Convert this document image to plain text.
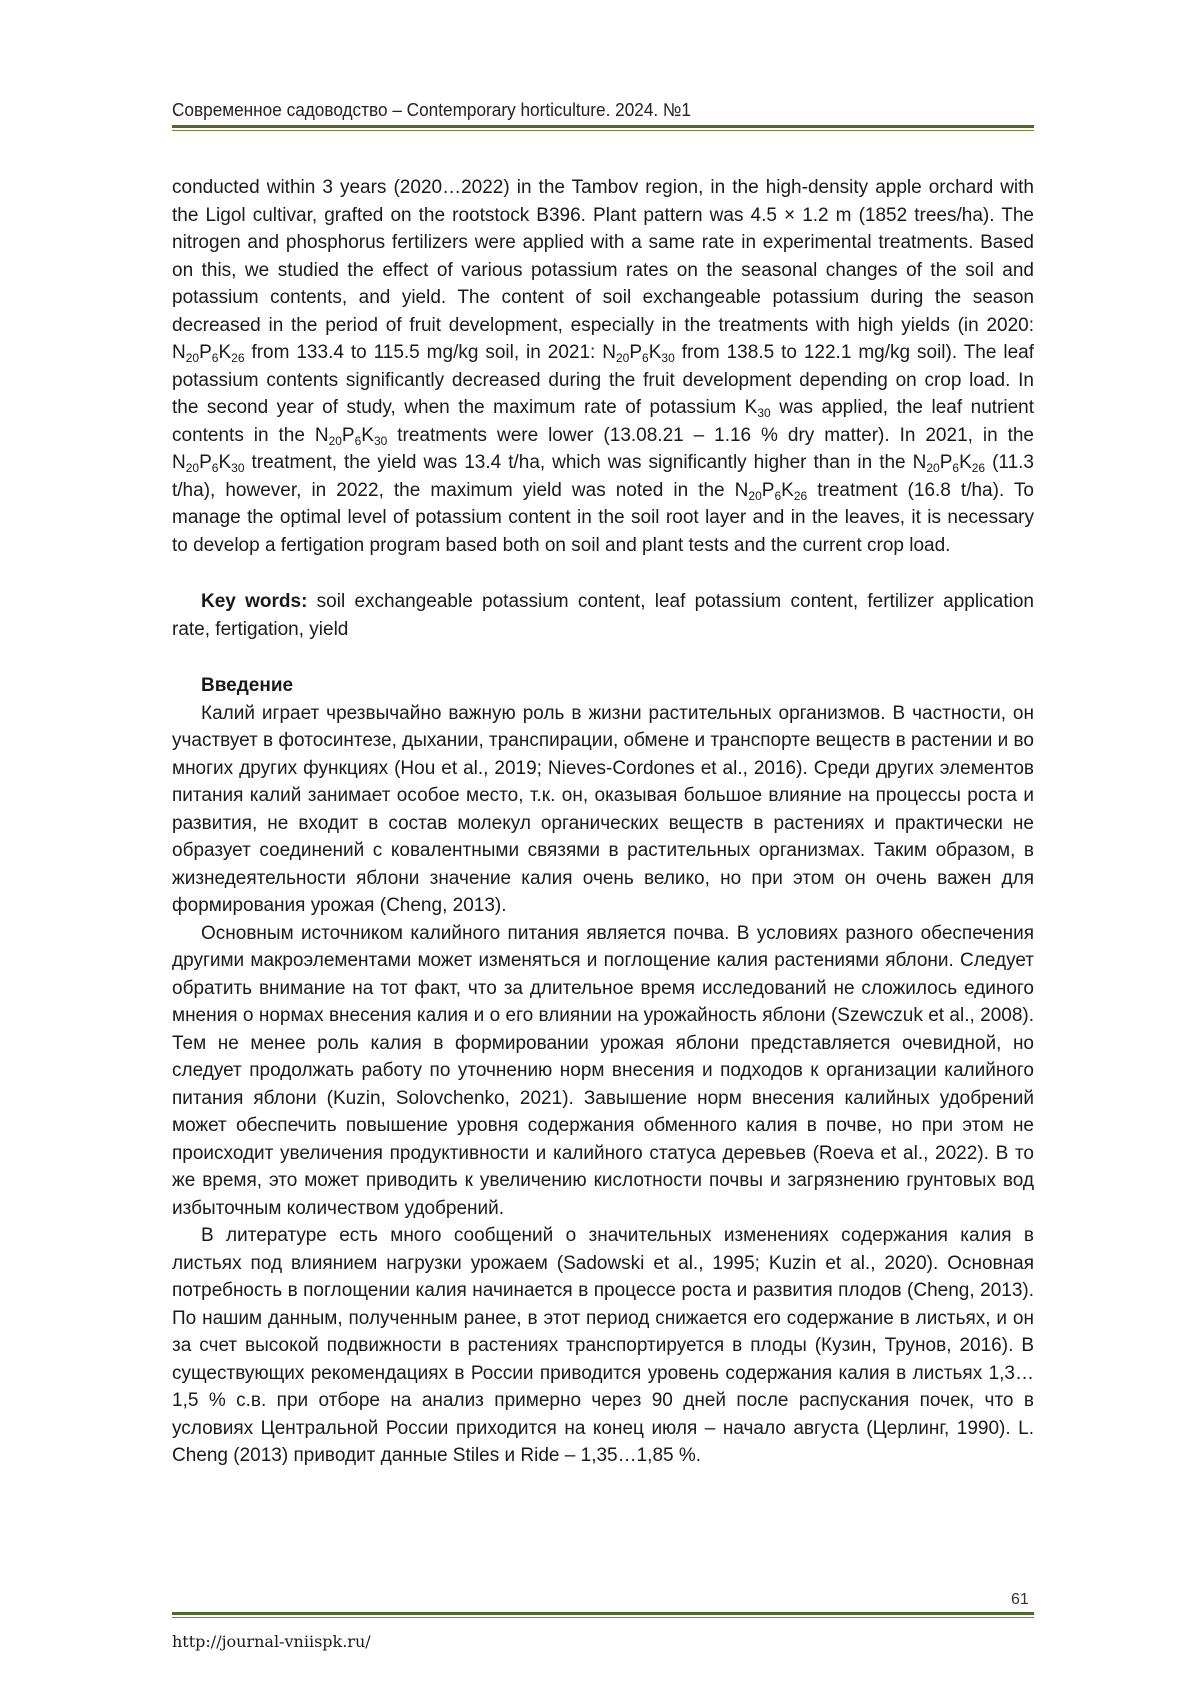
Современное садоводство – Contemporary horticulture. 2024. №1

conducted within 3 years (2020…2022) in the Tambov region, in the high-density apple orchard with the Ligol cultivar, grafted on the rootstock B396. Plant pattern was 4.5 × 1.2 m (1852 trees/ha). The nitrogen and phosphorus fertilizers were applied with a same rate in experimental treatments. Based on this, we studied the effect of various potassium rates on the seasonal changes of the soil and potassium contents, and yield. The content of soil exchangeable potassium during the season decreased in the period of fruit development, especially in the treatments with high yields (in 2020: $N_{20}P_6K_{26}$ from 133.4 to 115.5 mg/kg soil, in 2021: $N_{20}P_6K_{30}$ from 138.5 to 122.1 mg/kg soil). The leaf potassium contents significantly decreased during the fruit development depending on crop load. In the second year of study, when the maximum rate of potassium $K_{30}$ was applied, the leaf nutrient contents in the $N_{20}P_6K_{30}$ treatments were lower (13.08.21 – 1.16 % dry matter). In 2021, in the $N_{20}P_6K_{30}$ treatment, the yield was 13.4 t/ha, which was significantly higher than in the $N_{20}P_6K_{26}$ (11.3 t/ha), however, in 2022, the maximum yield was noted in the $N_{20}P_6K_{26}$ treatment (16.8 t/ha). To manage the optimal level of potassium content in the soil root layer and in the leaves, it is necessary to develop a fertigation program based both on soil and plant tests and the current crop load.

Key words: soil exchangeable potassium content, leaf potassium content, fertilizer application rate, fertigation, yield

Введение

Калий играет чрезвычайно важную роль в жизни растительных организмов. В частности, он участвует в фотосинтезе, дыхании, транспирации, обмене и транспорте веществ в растении и во многих других функциях (Hou et al., 2019; Nieves-Cordones et al., 2016). Среди других элементов питания калий занимает особое место, т.к. он, оказывая большое влияние на процессы роста и развития, не входит в состав молекул органических веществ в растениях и практически не образует соединений с ковалентными связями в растительных организмах. Таким образом, в жизнедеятельности яблони значение калия очень велико, но при этом он очень важен для формирования урожая (Cheng, 2013).

Основным источником калийного питания является почва. В условиях разного обеспечения другими макроэлементами может изменяться и поглощение калия растениями яблони. Следует обратить внимание на тот факт, что за длительное время исследований не сложилось единого мнения о нормах внесения калия и о его влиянии на урожайность яблони (Szewczuk et al., 2008). Тем не менее роль калия в формировании урожая яблони представляется очевидной, но следует продолжать работу по уточнению норм внесения и подходов к организации калийного питания яблони (Kuzin, Solovchenko, 2021). Завышение норм внесения калийных удобрений может обеспечить повышение уровня содержания обменного калия в почве, но при этом не происходит увеличения продуктивности и калийного статуса деревьев (Roeva et al., 2022). В то же время, это может приводить к увеличению кислотности почвы и загрязнению грунтовых вод избыточным количеством удобрений.

В литературе есть много сообщений о значительных изменениях содержания калия в листьях под влиянием нагрузки урожаем (Sadowski et al., 1995; Kuzin et al., 2020). Основная потребность в поглощении калия начинается в процессе роста и развития плодов (Cheng, 2013). По нашим данным, полученным ранее, в этот период снижается его содержание в листьях, и он за счет высокой подвижности в растениях транспортируется в плоды (Кузин, Трунов, 2016). В существующих рекомендациях в России приводится уровень содержания калия в листьях 1,3…1,5 % с.в. при отборе на анализ примерно через 90 дней после распускания почек, что в условиях Центральной России приходится на конец июля – начало августа (Церлинг, 1990). L. Cheng (2013) приводит данные Stiles и Ride – 1,35…1,85 %.

61
http://journal-vniispk.ru/
